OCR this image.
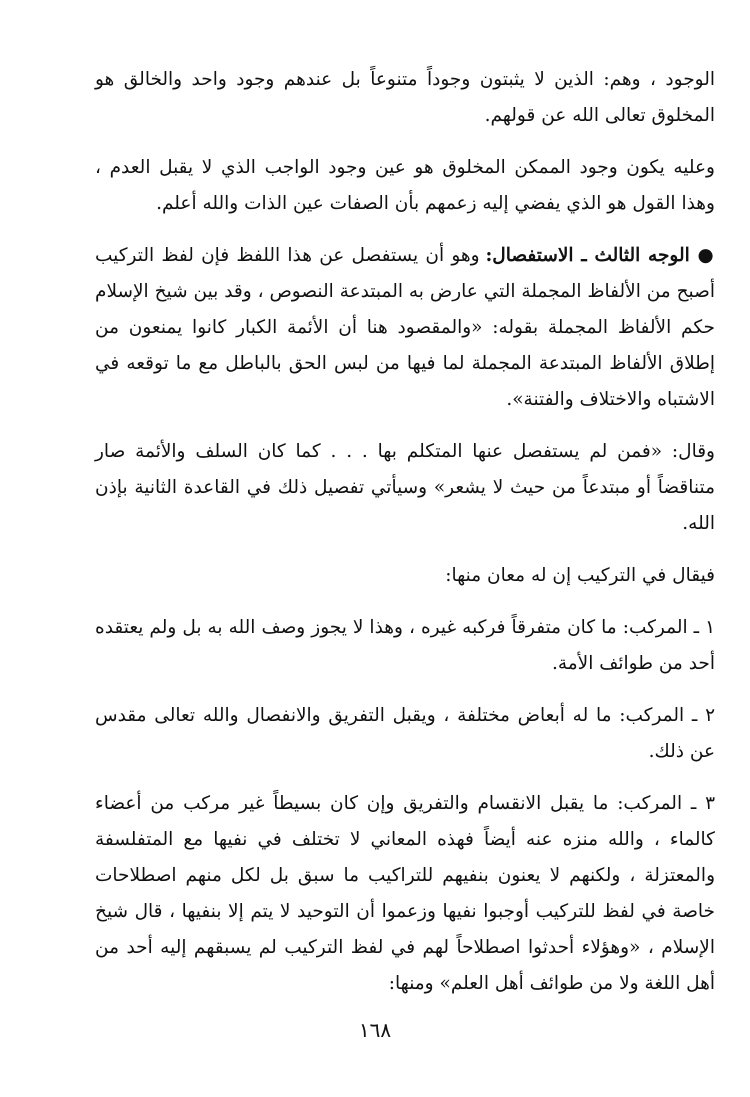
الوجود ، وهم: الذين لا يثبتون وجوداً متنوعاً بل عندهم وجود واحد والخالق هو المخلوق تعالى الله عن قولهم.

وعليه يكون وجود الممكن المخلوق هو عين وجود الواجب الذي لا يقبل العدم ، وهذا القول هو الذي يفضي إليه زعمهم بأن الصفات عين الذات والله أعلم.

● الوجه الثالث ـ الاستفصال: وهو أن يستفصل عن هذا اللفظ فإن لفظ التركيب أصبح من الألفاظ المجملة التي عارض به المبتدعة النصوص ، وقد بين شيخ الإسلام حكم الألفاظ المجملة بقوله: «والمقصود هنا أن الأئمة الكبار كانوا يمنعون من إطلاق الألفاظ المبتدعة المجملة لما فيها من لبس الحق بالباطل مع ما توقعه في الاشتباه والاختلاف والفتنة».

وقال: «فمن لم يستفصل عنها المتكلم بها . . . كما كان السلف والأئمة صار متناقضاً أو مبتدعاً من حيث لا يشعر» وسيأتي تفصيل ذلك في القاعدة الثانية بإذن الله.

فيقال في التركيب إن له معان منها:

١ ـ المركب: ما كان متفرقاً فركبه غيره ، وهذا لا يجوز وصف الله به بل ولم يعتقده أحد من طوائف الأمة.

٢ ـ المركب: ما له أبعاض مختلفة ، ويقبل التفريق والانفصال والله تعالى مقدس عن ذلك.

٣ ـ المركب: ما يقبل الانقسام والتفريق وإن كان بسيطاً غير مركب من أعضاء كالماء ، والله منزه عنه أيضاً فهذه المعاني لا تختلف في نفيها مع المتفلسفة والمعتزلة ، ولكنهم لا يعنون بنفيهم للتراكيب ما سبق بل لكل منهم اصطلاحات خاصة في لفظ للتركيب أوجبوا نفيها وزعموا أن التوحيد لا يتم إلا بنفيها ، قال شيخ الإسلام ، «وهؤلاء أحدثوا اصطلاحاً لهم في لفظ التركيب لم يسبقهم إليه أحد من أهل اللغة ولا من طوائف أهل العلم» ومنها:

١٦٨
